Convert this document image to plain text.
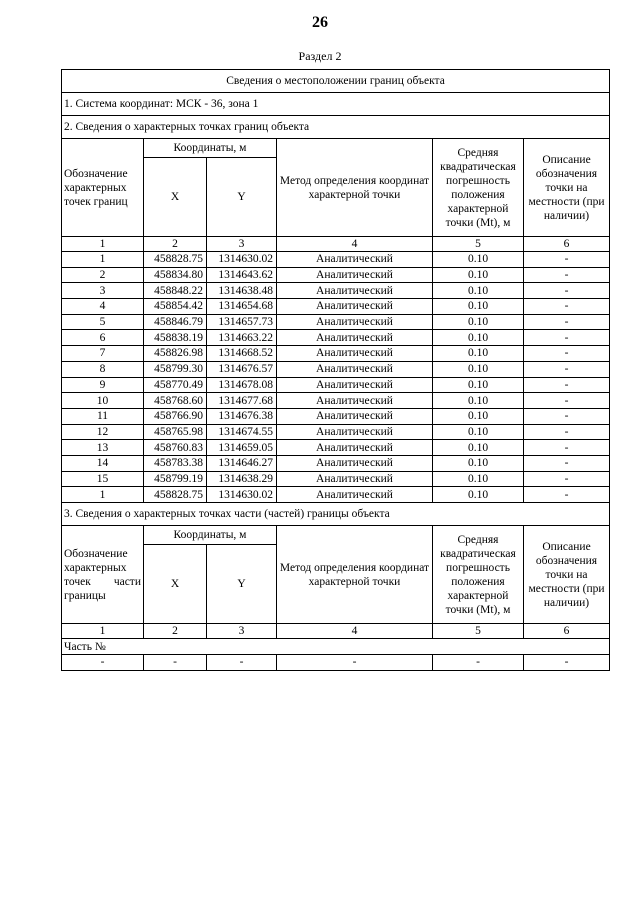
26
Раздел 2
Сведения о местоположении границ объекта					
1. Система координат: МСК - 36, зона 1					
2. Сведения о характерных точках границ объекта					
Обозначение характерных точек границ	Координаты, м		Метод определения координат характерной точки	Средняя квадратическая погрешность положения характерной точки (Mt), м	Описание обозначения точки на местности (при наличии)
	X	Y			
1	2	3	4	5	6
1	458828.75	1314630.02	Аналитический	0.10	-
2	458834.80	1314643.62	Аналитический	0.10	-
3	458848.22	1314638.48	Аналитический	0.10	-
4	458854.42	1314654.68	Аналитический	0.10	-
5	458846.79	1314657.73	Аналитический	0.10	-
6	458838.19	1314663.22	Аналитический	0.10	-
7	458826.98	1314668.52	Аналитический	0.10	-
8	458799.30	1314676.57	Аналитический	0.10	-
9	458770.49	1314678.08	Аналитический	0.10	-
10	458768.60	1314677.68	Аналитический	0.10	-
11	458766.90	1314676.38	Аналитический	0.10	-
12	458765.98	1314674.55	Аналитический	0.10	-
13	458760.83	1314659.05	Аналитический	0.10	-
14	458783.38	1314646.27	Аналитический	0.10	-
15	458799.19	1314638.29	Аналитический	0.10	-
1	458828.75	1314630.02	Аналитический	0.10	-
3. Сведения о характерных точках части (частей) границы объекта					
Обозначение характерных точек части границы	Координаты, м		Метод определения координат характерной точки	Средняя квадратическая погрешность положения характерной точки (Mt), м	Описание обозначения точки на местности (при наличии)
	X	Y			
1	2	3	4	5	6
Часть №					
-	-	-	-	-	-
